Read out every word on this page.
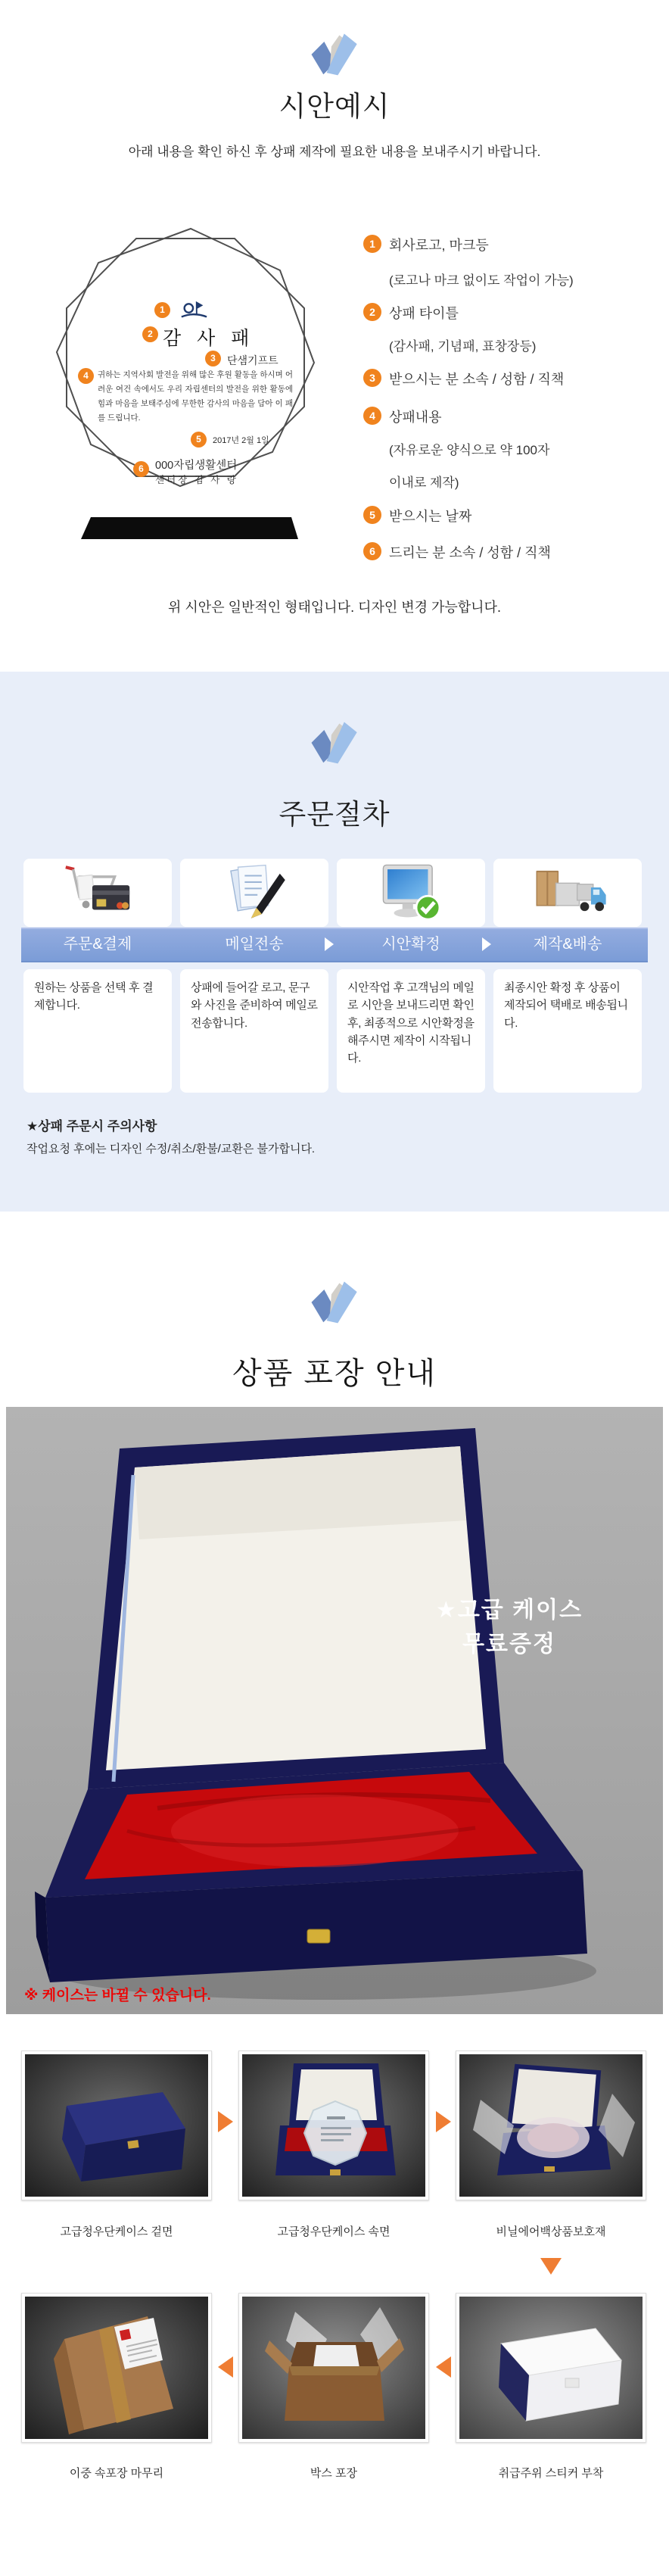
시안예시
아래 내용을 확인 하신 후 상패 제작에 필요한 내용을 보내주시기 바랍니다.
1
2 감 사 패
3	단샘기프트
4	귀하는 지역사회 발전을 위해 많은 후원 활동을 하시며 어려운 여건 속에서도 우리 자립센터의 발전을 위한 활동에 힘과 마음을 보태주심에 무한한 감사의 마음을 담아 이 패를 드립니다.
5	2017년 2월 1일
6	000자립생활센터
센터장 김 사 랑
1	회사로고, 마크등
(로고나 마크 없이도 작업이 가능)
2	상패 타이틀
(감사패, 기념패, 표창장등)
3	받으시는 분 소속 / 성함 / 직책
4	상패내용
(자유로운 양식으로 약 100자
이내로 제작)
5	받으시는 날짜
6	드리는 분 소속 / 성함 / 직책
위 시안은 일반적인 형태입니다. 디자인 변경 가능합니다.
주문절차
주문&결제	메일전송	시안확정	제작&배송
원하는 상품을 선택 후 결제합니다.
상패에 들어갈 로고, 문구와 사진을 준비하여 메일로 전송합니다.
시안작업 후 고객님의 메일로 시안을 보내드리면 확인 후, 최종적으로 시안확정을 해주시면 제작이 시작됩니다.
최종시안 확정 후 상품이 제작되어 택배로 배송됩니다.
★상패 주문시 주의사항
작업요청 후에는 디자인 수정/취소/환불/교환은 불가합니다.
상품 포장 안내
★고급 케이스
무료증정
※ 케이스는 바뀔 수 있습니다.
고급청우단케이스 겉면	고급청우단케이스 속면	비닐에어백상품보호재
이중 속포장 마무리	박스 포장	취급주위 스티커 부착
